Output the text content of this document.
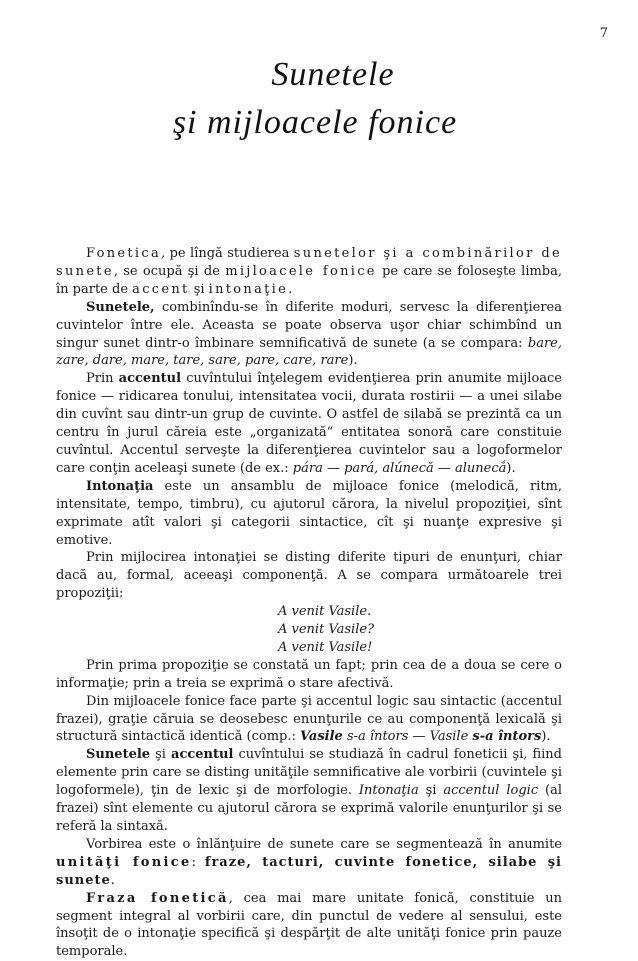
7
Sunetele
şi mijloacele fonice

Fonetica, pe lîngă studierea sunetelor şi a combinărilor de sunete, se ocupă şi de mijloacele fonice pe care se foloseşte limba, în parte de accent şi intonaţie.

Sunetele, combinîndu-se în diferite moduri, servesc la diferenţierea cuvintelor între ele. Aceasta se poate observa uşor chiar schimbînd un singur sunet dintr-o îmbinare semnificativă de sunete (a se compara: bare, zare, dare, mare, tare, sare, pare, care, rare).

Prin accentul cuvîntului înţelegem evidenţierea prin anumite mijloace fonice — ridicarea tonului, intensitatea vocii, durata rostirii — a unei silabe din cuvînt sau dintr-un grup de cuvinte. O astfel de silabă se prezintă ca un centru în jurul căreia este „organizată“ entitatea sonoră care constituie cuvîntul. Accentul serveşte la diferenţierea cuvintelor sau a logoformelor care conţin aceleaşi sunete (de ex.: pára — pará, alúnecă — alunecắ).

Intonaţia este un ansamblu de mijloace fonice (melodică, ritm, intensitate, tempo, timbru), cu ajutorul cărora, la nivelul propoziţiei, sînt exprimate atît valori şi categorii sintactice, cît şi nuanţe expresive şi emotive.

Prin mijlocirea intonaţiei se disting diferite tipuri de enunţuri, chiar dacă au, formal, aceeaşi componenţă. A se compara următoarele trei propoziţii:

A venit Vasile.

A venit Vasile?

A venit Vasile!

Prin prima propoziţie se constată un fapt; prin cea de a doua se cere o informaţie; prin a treia se exprimă o stare afectivă.

Din mijloacele fonice face parte şi accentul logic sau sintactic (accentul frazei), graţie căruia se deosebesc enunţurile ce au componenţă lexicală şi structură sintactică identică (comp.: Vasile s-a întors — Vasile s-a întors).

Sunetele şi accentul cuvîntului se studiază în cadrul foneticii şi, fiind elemente prin care se disting unităţile semnificative ale vorbirii (cuvintele şi logoformele), ţin de lexic şi de morfologie. Intonaţia şi accentul logic (al frazei) sînt elemente cu ajutorul cărora se exprimă valorile enunţurilor şi se referă la sintaxă.

Vorbirea este o înlănţuire de sunete care se segmentează în anumite unităţi fonice: fraze, tacturi, cuvinte fonetice, silabe şi sunete.

Fraza fonetică, cea mai mare unitate fonică, constituie un segment integral al vorbirii care, din punctul de vedere al sensului, este însoţit de o intonaţie specifică şi despărţit de alte unităţi fonice prin pauze temporale.
